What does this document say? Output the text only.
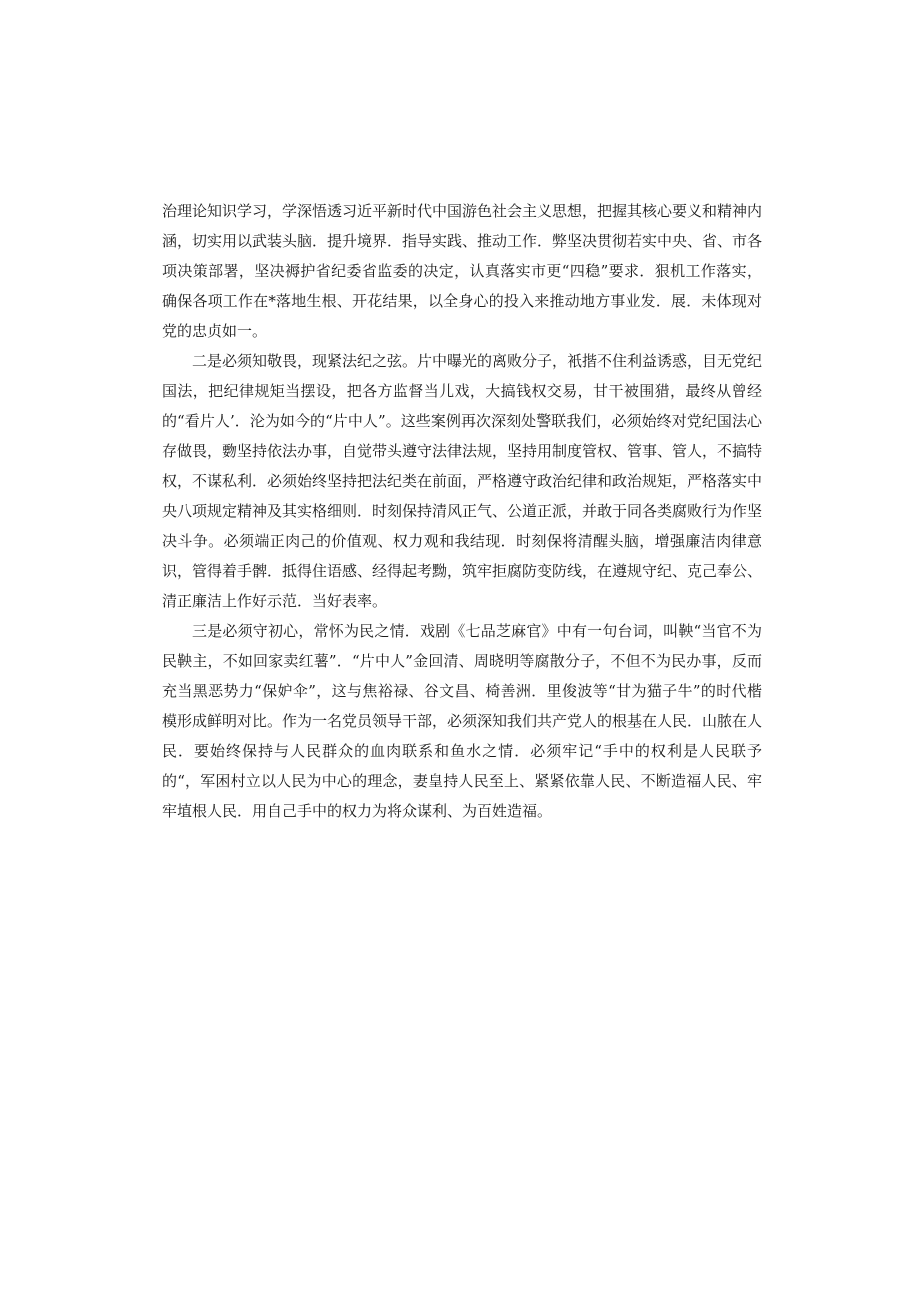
治理论知识学习，学深悟透习近平新时代中国游色社会主义思想，把握其核心要义和精神内涵，切实用以武装头脑．提升境界．指导实践、推动工作．弊坚决贯彻若实中央、省、市各项决策部署，坚决褥护省纪委省监委的决定，认真落实市更“四稳”要求．狠机工作落实，确保各项工作在*落地生根、开花结果，以全身心的投入来推动地方事业发．展．未体现对党的忠贞如一。

二是必须知敬畏，现紧法纪之弦。片中曝光的离败分子，衹揩不住利益诱惑，目无党纪国法，把纪律规矩当摆设，把各方监督当儿戏，大搞钱权交易，甘干被围猎，最终从曾经的“看片人’．沦为如今的“片中人”。这些案例再次深刻处警联我们，必须始终对党纪国法心存做畏，覅坚持依法办事，自觉带头遵守法律法规，坚持用制度管权、管事、管人，不搞特权，不谋私利．必须始终坚持把法纪类在前面，严格遵守政治纪律和政治规矩，严格落实中央八项规定精神及其实格细则．时刻保持清风正气、公道正派，并敢于同各类腐败行为作坚决斗争。必须端正肉己的价值观、权力观和我结现．时刻保将清醒头脑，增强廉洁肉律意识，管得着手髀．抵得住语感、经得起考黝，筑牢拒腐防变防线，在遵规守纪、克己奉公、清正廉洁上作好示范．当好表率。

三是必须守初心，常怀为民之情．戏剧《七品芝麻官》中有一句台词，叫鞅“当官不为民鞅主，不如回家卖红薯”．“片中人”金回清、周晓明等腐散分子，不但不为民办事，反而充当黑恶势力“保妒伞”，这与焦裕禄、谷文昌、椅善洲．里俊波等“甘为猫子牛”的时代楷模形成鲜明对比。作为一名党员领导干部，必须深知我们共产党人的根基在人民．山脓在人民．要始终保持与人民群众的血肉联系和鱼水之情．必须牢记“手中的权利是人民联予的“，军困村立以人民为中心的理念，妻皇持人民至上、紧紧依靠人民、不断造福人民、牢牢埴根人民．用自己手中的权力为将众谋利、为百姓造福。
